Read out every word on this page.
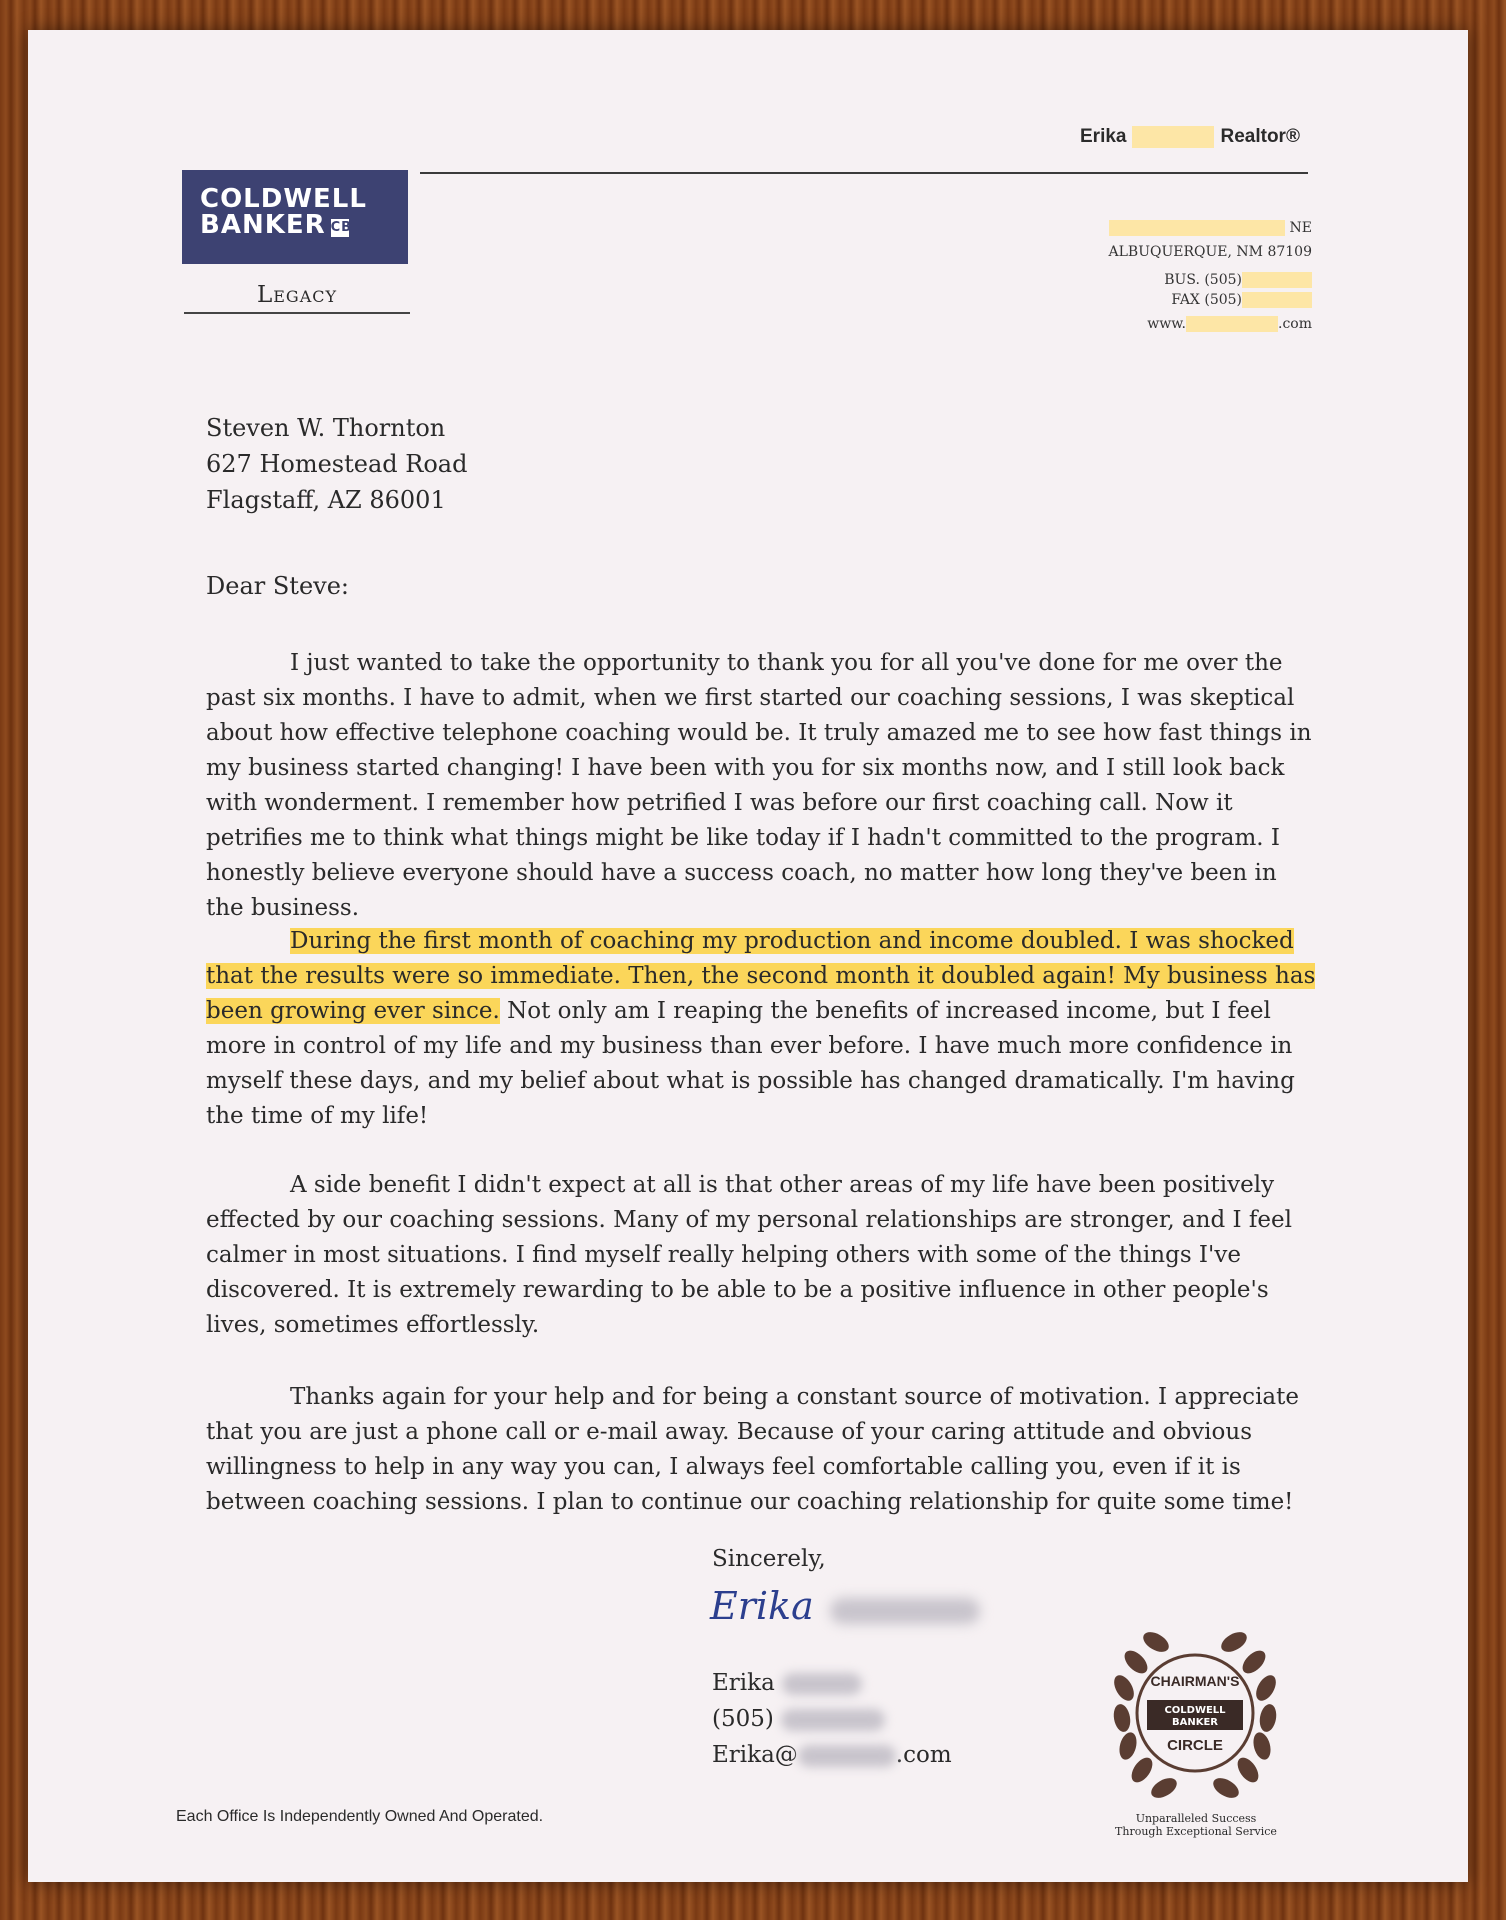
Erika	Realtor®
COLDWELL
BANKER CB
Legacy
NE
ALBUQUERQUE, NM 87109
BUS. (505)
FAX (505)
www.	.com
Steven W. Thornton
627 Homestead Road
Flagstaff, AZ 86001
Dear Steve:

I just wanted to take the opportunity to thank you for all you've done for me over the past six months. I have to admit, when we first started our coaching sessions, I was skeptical about how effective telephone coaching would be. It truly amazed me to see how fast things in my business started changing! I have been with you for six months now, and I still look back with wonderment. I remember how petrified I was before our first coaching call. Now it petrifies me to think what things might be like today if I hadn't committed to the program. I honestly believe everyone should have a success coach, no matter how long they've been in the business.

During the first month of coaching my production and income doubled. I was shocked that the results were so immediate. Then, the second month it doubled again! My business has been growing ever since. Not only am I reaping the benefits of increased income, but I feel more in control of my life and my business than ever before. I have much more confidence in myself these days, and my belief about what is possible has changed dramatically. I'm having the time of my life!

A side benefit I didn't expect at all is that other areas of my life have been positively effected by our coaching sessions. Many of my personal relationships are stronger, and I feel calmer in most situations. I find myself really helping others with some of the things I've discovered. It is extremely rewarding to be able to be a positive influence in other people's lives, sometimes effortlessly.

Thanks again for your help and for being a constant source of motivation. I appreciate that you are just a phone call or e-mail away. Because of your caring attitude and obvious willingness to help in any way you can, I always feel comfortable calling you, even if it is between coaching sessions. I plan to continue our coaching relationship for quite some time!

Sincerely,
Erika
Erika
(505)
Erika@	.com
Each Office Is Independently Owned And Operated.
CHAIRMAN'S
COLDWELL
BANKER
CIRCLE
Unparalleled Success
Through Exceptional Service
